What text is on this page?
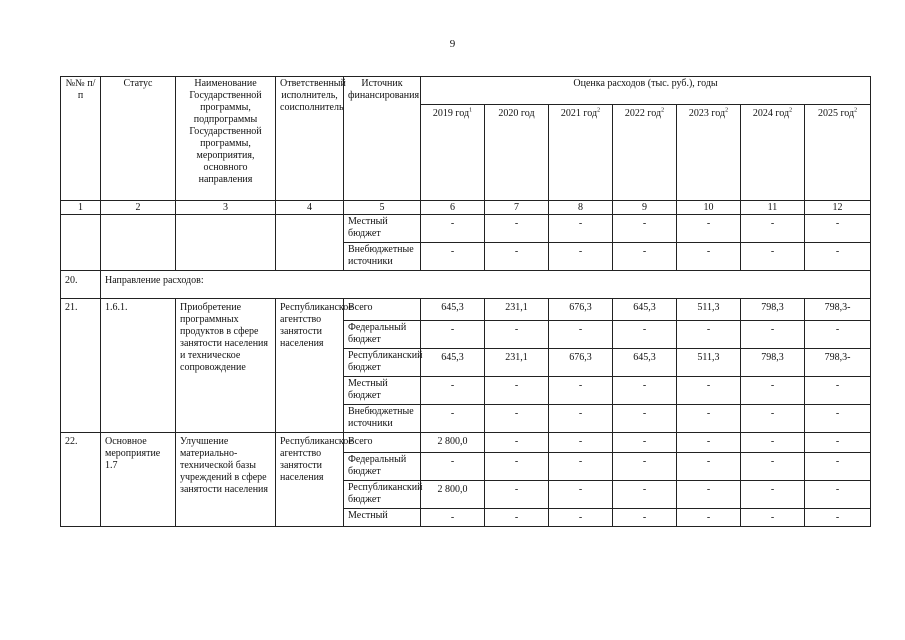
9
№№ п/п	Статус	Наименование Государственной программы, подпрограммы Государственной программы, мероприятия, основного направления	Ответственный исполнитель, соисполнитель	Источник финансирования	Оценка расходов (тыс. руб.), годы						
					2019 год$^1$	2020 год	2021 год$^2$	2022 год$^2$	2023 год$^2$	2024 год$^2$	2025 год$^2$
1	2	3	4	5	6	7	8	9	10	11	12
				Местный бюджет	-	-	-	-	-	-	-
				Внебюджетные источники	-	-	-	-	-	-	-
20.	Направление расходов:										
21.	1.6.1.	Приобретение программных продуктов в сфере занятости населения и техническое сопровождение	Республиканское агентство занятости населения	Всего	645,3	231,1	676,3	645,3	511,3	798,3	798,3-
				Федеральный бюджет	-	-	-	-	-	-	-
				Республиканский бюджет	645,3	231,1	676,3	645,3	511,3	798,3	798,3-
				Местный бюджет	-	-	-	-	-	-	-
				Внебюджетные источники	-	-	-	-	-	-	-
22.	Основное мероприятие 1.7	Улучшение материально-технической базы учреждений в сфере занятости населения	Республиканское агентство занятости населения	Всего	2 800,0	-	-	-	-	-	-
				Федеральный бюджет	-	-	-	-	-	-	-
				Республиканский бюджет	2 800,0	-	-	-	-	-	-
				Местный	-	-	-	-	-	-	-
